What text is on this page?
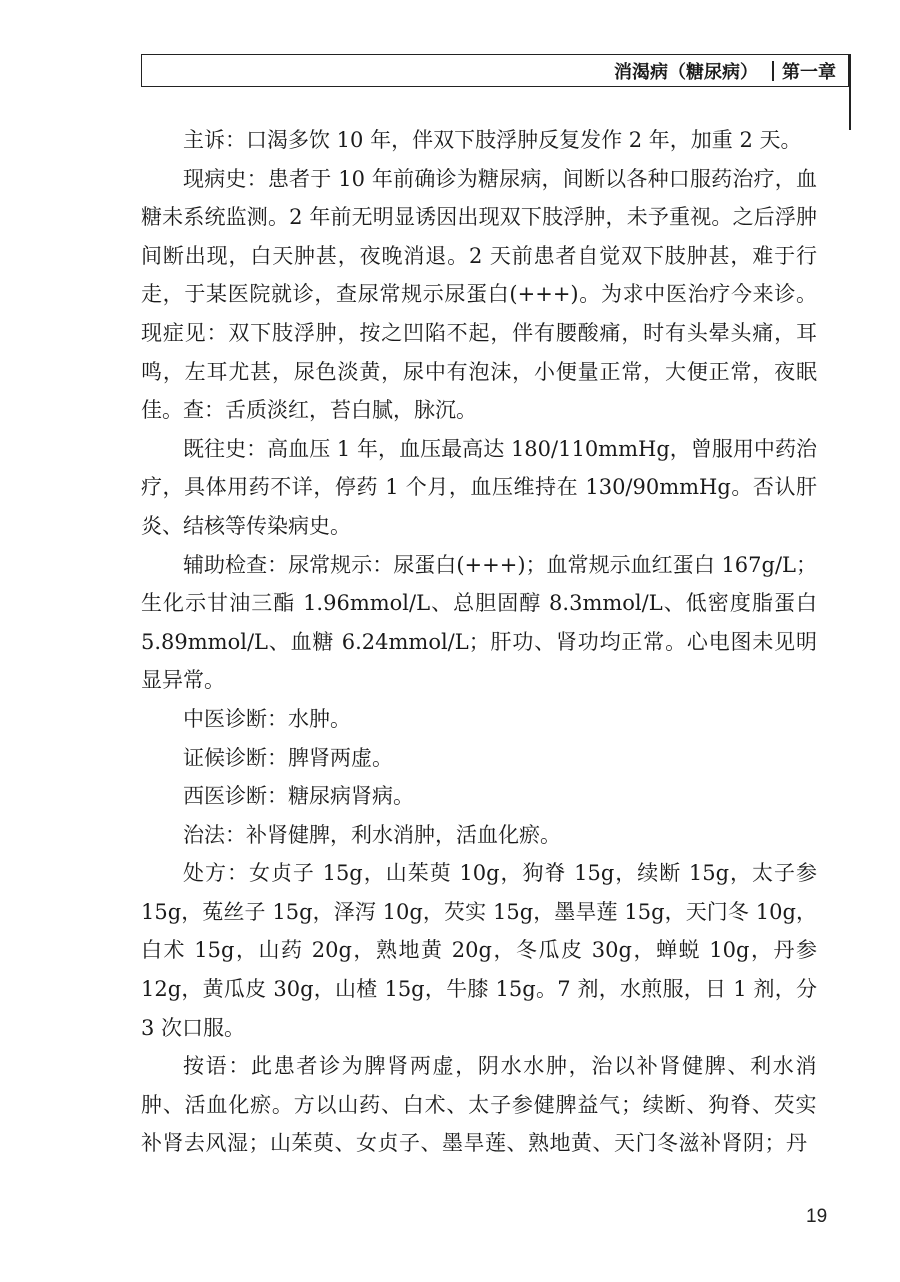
消渴病（糖尿病）	第一章

主诉：口渴多饮 10 年，伴双下肢浮肿反复发作 2 年，加重 2 天。

现病史：患者于 10 年前确诊为糖尿病，间断以各种口服药治疗，血糖未系统监测。2 年前无明显诱因出现双下肢浮肿，未予重视。之后浮肿间断出现，白天肿甚，夜晚消退。2 天前患者自觉双下肢肿甚，难于行走，于某医院就诊，查尿常规示尿蛋白(+++)。为求中医治疗今来诊。现症见：双下肢浮肿，按之凹陷不起，伴有腰酸痛，时有头晕头痛，耳鸣，左耳尤甚，尿色淡黄，尿中有泡沫，小便量正常，大便正常，夜眠佳。查：舌质淡红，苔白腻，脉沉。

既往史：高血压 1 年，血压最高达 180/110mmHg，曾服用中药治疗，具体用药不详，停药 1 个月，血压维持在 130/90mmHg。否认肝炎、结核等传染病史。

辅助检查：尿常规示：尿蛋白(+++)；血常规示血红蛋白 167g/L；生化示甘油三酯 1.96mmol/L、总胆固醇 8.3mmol/L、低密度脂蛋白 5.89mmol/L、血糖 6.24mmol/L；肝功、肾功均正常。心电图未见明显异常。

中医诊断：水肿。

证候诊断：脾肾两虚。

西医诊断：糖尿病肾病。

治法：补肾健脾，利水消肿，活血化瘀。

处方：女贞子 15g，山茱萸 10g，狗脊 15g，续断 15g，太子参 15g，菟丝子 15g，泽泻 10g，芡实 15g，墨旱莲 15g，天门冬 10g，白术 15g，山药 20g，熟地黄 20g，冬瓜皮 30g，蝉蜕 10g，丹参 12g，黄瓜皮 30g，山楂 15g，牛膝 15g。7 剂，水煎服，日 1 剂，分 3 次口服。

按语：此患者诊为脾肾两虚，阴水水肿，治以补肾健脾、利水消肿、活血化瘀。方以山药、白术、太子参健脾益气；续断、狗脊、芡实补肾去风湿；山茱萸、女贞子、墨旱莲、熟地黄、天门冬滋补肾阴；丹

19
